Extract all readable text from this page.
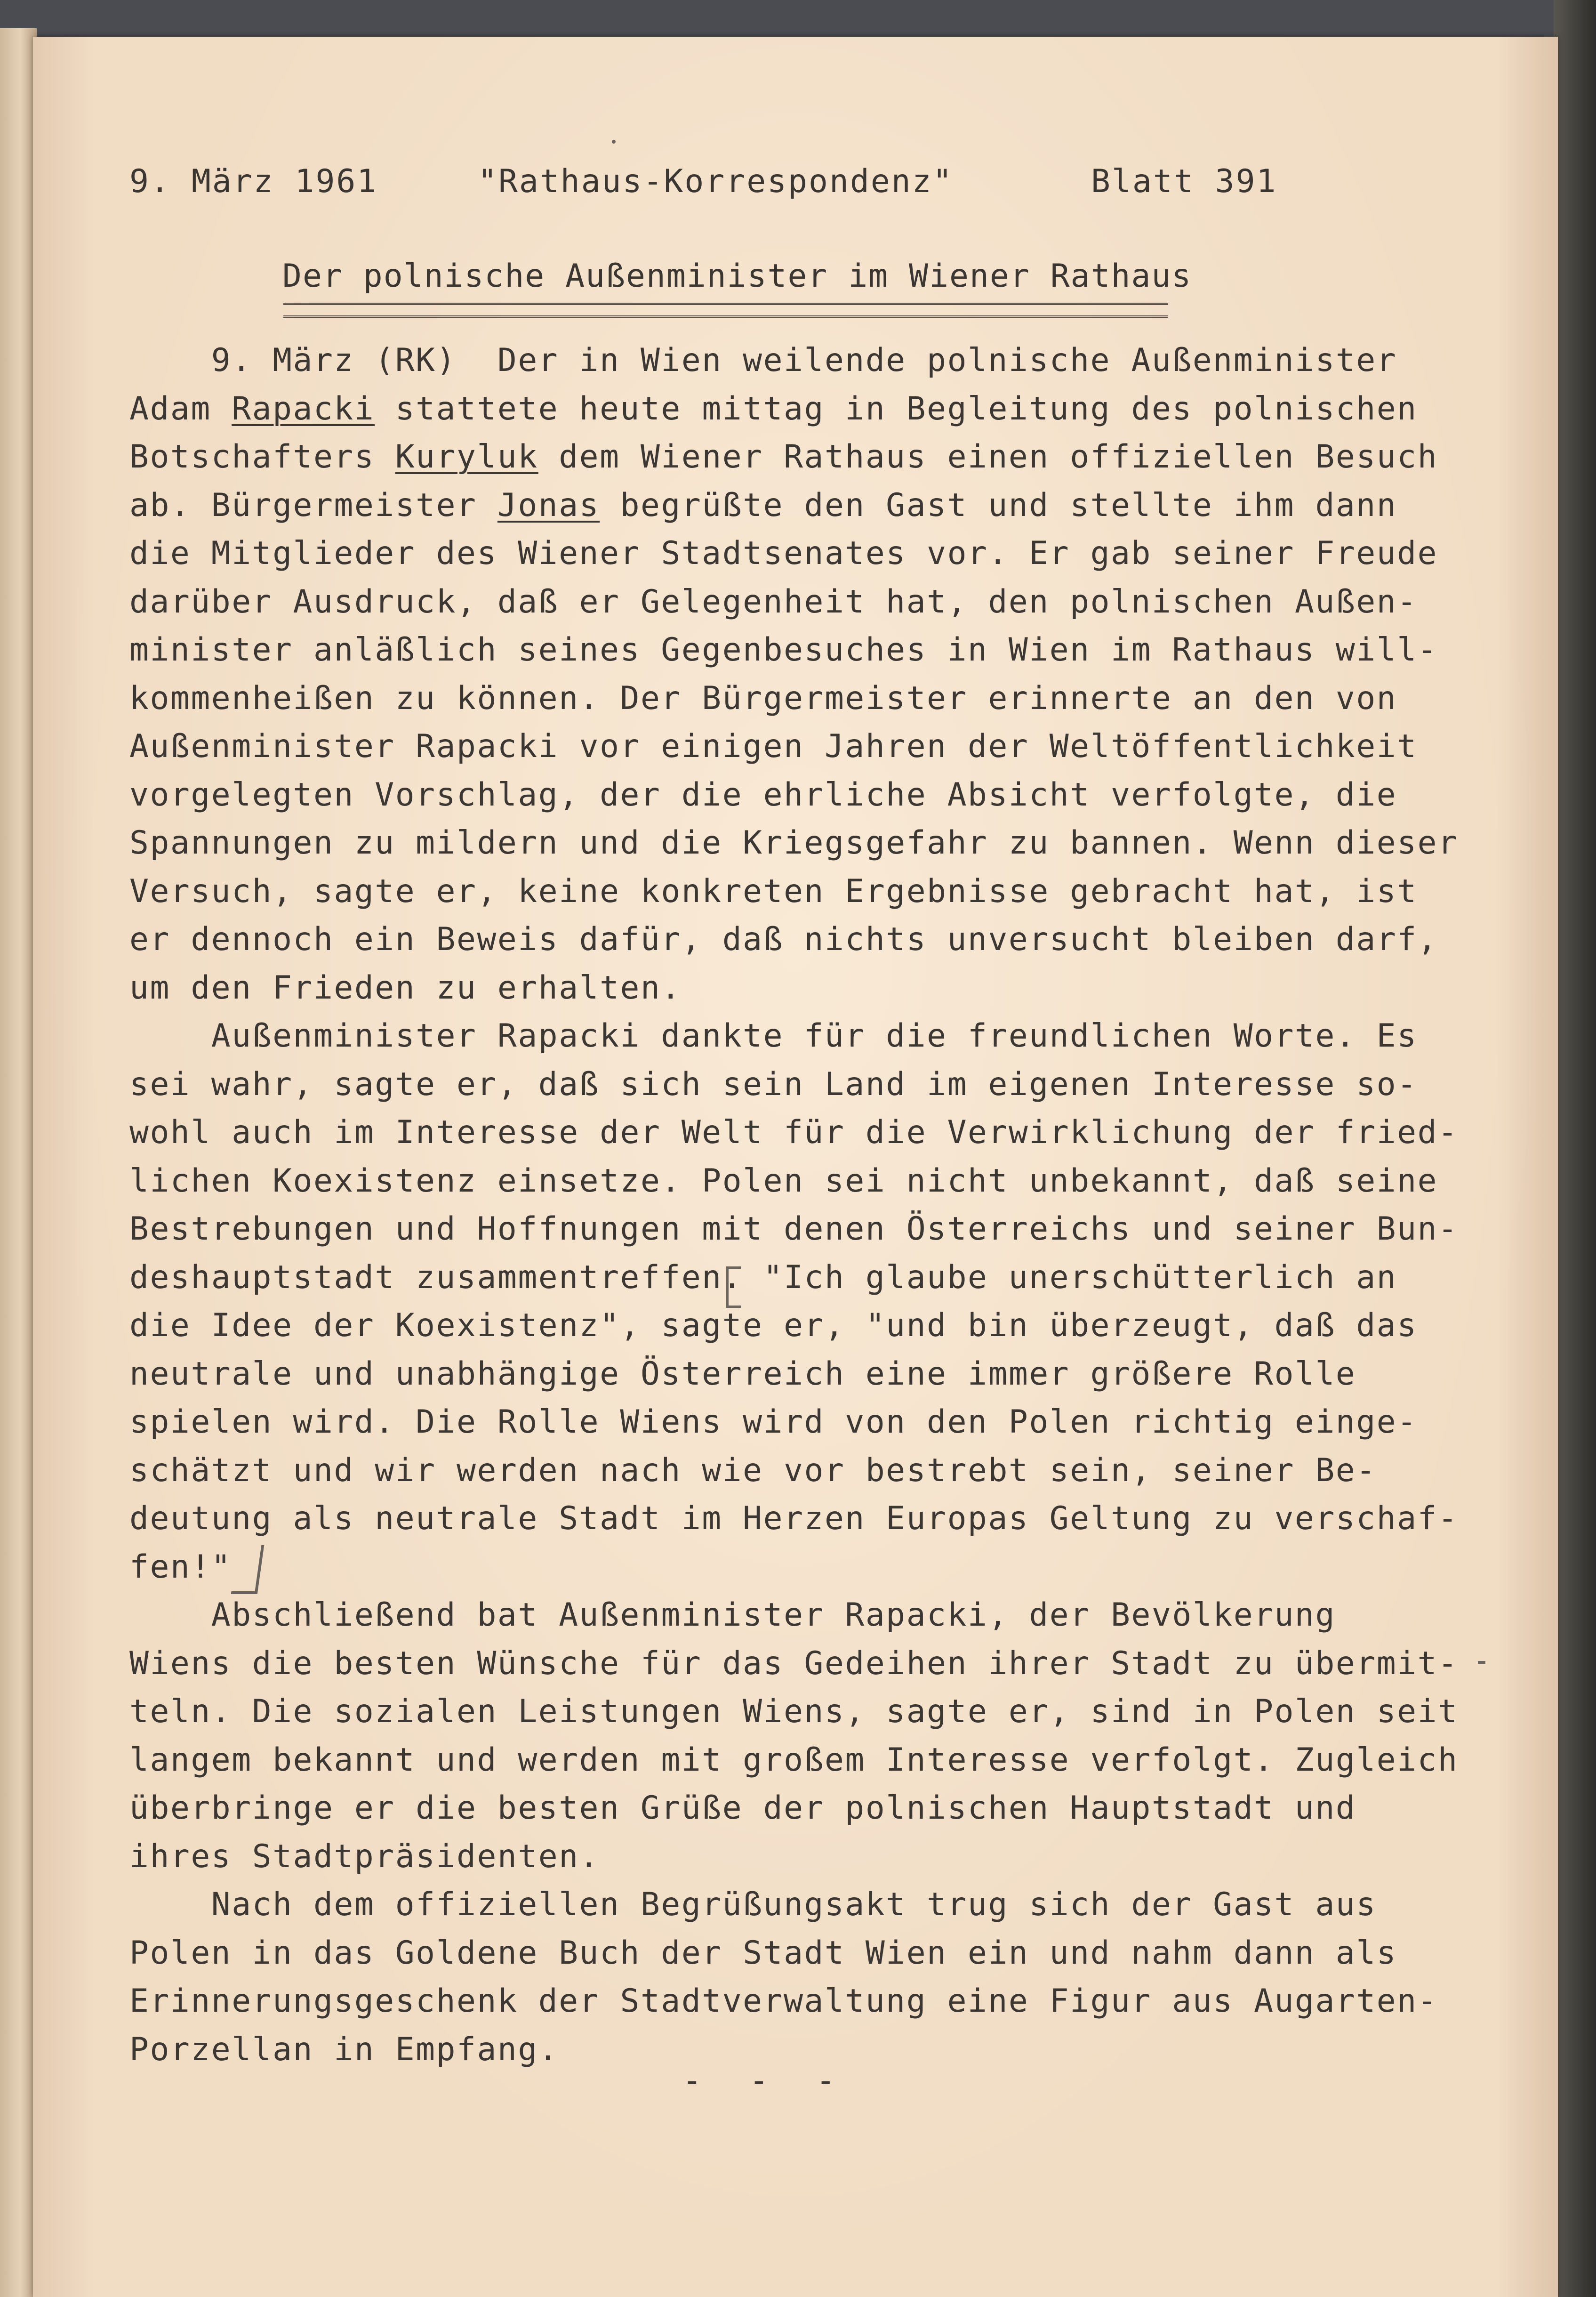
9. März 1961	"Rathaus-Korrespondenz"	Blatt 391
Der polnische Außenminister im Wiener Rathaus
9. März (RK)  Der in Wien weilende polnische Außenminister
Adam Rapacki stattete heute mittag in Begleitung des polnischen
Botschafters Kuryluk dem Wiener Rathaus einen offiziellen Besuch
ab. Bürgermeister Jonas begrüßte den Gast und stellte ihm dann
die Mitglieder des Wiener Stadtsenates vor. Er gab seiner Freude
darüber Ausdruck, daß er Gelegenheit hat, den polnischen Außen-
minister anläßlich seines Gegenbesuches in Wien im Rathaus will-
kommenheißen zu können. Der Bürgermeister erinnerte an den von
Außenminister Rapacki vor einigen Jahren der Weltöffentlichkeit
vorgelegten Vorschlag, der die ehrliche Absicht verfolgte, die
Spannungen zu mildern und die Kriegsgefahr zu bannen. Wenn dieser
Versuch, sagte er, keine konkreten Ergebnisse gebracht hat, ist
er dennoch ein Beweis dafür, daß nichts unversucht bleiben darf,
um den Frieden zu erhalten.
Außenminister Rapacki dankte für die freundlichen Worte. Es
sei wahr, sagte er, daß sich sein Land im eigenen Interesse so-
wohl auch im Interesse der Welt für die Verwirklichung der fried-
lichen Koexistenz einsetze. Polen sei nicht unbekannt, daß seine
Bestrebungen und Hoffnungen mit denen Österreichs und seiner Bun-
deshauptstadt zusammentreffen. "Ich glaube unerschütterlich an
die Idee der Koexistenz", sagte er, "und bin überzeugt, daß das
neutrale und unabhängige Österreich eine immer größere Rolle
spielen wird. Die Rolle Wiens wird von den Polen richtig einge-
schätzt und wir werden nach wie vor bestrebt sein, seiner Be-
deutung als neutrale Stadt im Herzen Europas Geltung zu verschaf-
fen!"
Abschließend bat Außenminister Rapacki, der Bevölkerung
Wiens die besten Wünsche für das Gedeihen ihrer Stadt zu übermit-
teln. Die sozialen Leistungen Wiens, sagte er, sind in Polen seit
langem bekannt und werden mit großem Interesse verfolgt. Zugleich
überbringe er die besten Grüße der polnischen Hauptstadt und
ihres Stadtpräsidenten.
Nach dem offiziellen Begrüßungsakt trug sich der Gast aus
Polen in das Goldene Buch der Stadt Wien ein und nahm dann als
Erinnerungsgeschenk der Stadtverwaltung eine Figur aus Augarten-
Porzellan in Empfang.
- - -
